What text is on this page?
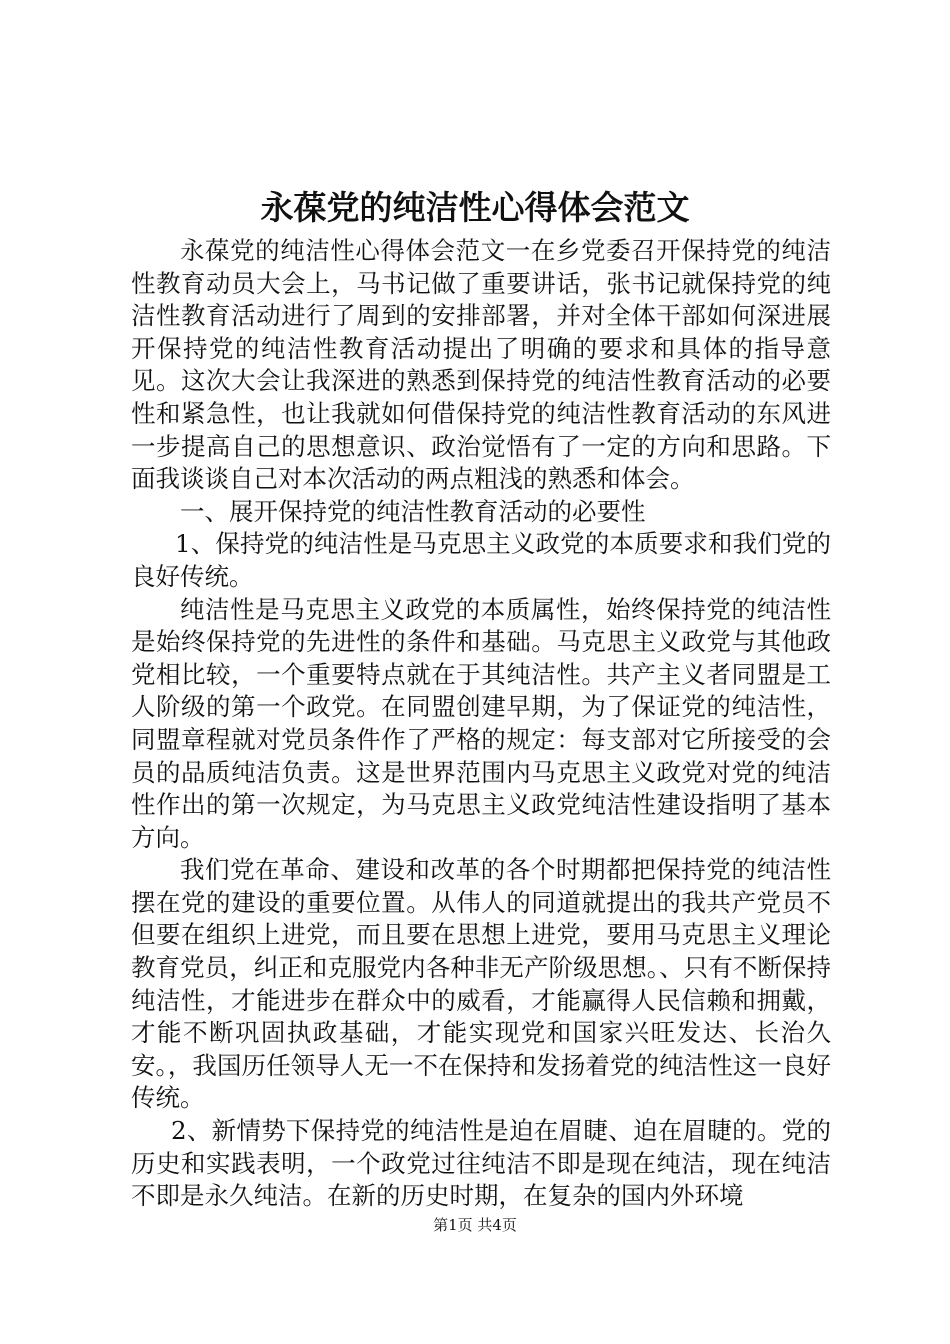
永葆党的纯洁性心得体会范文

永葆党的纯洁性心得体会范文一在乡党委召开保持党的纯洁性教育动员大会上，马书记做了重要讲话，张书记就保持党的纯洁性教育活动进行了周到的安排部署，并对全体干部如何深进展开保持党的纯洁性教育活动提出了明确的要求和具体的指导意见。这次大会让我深进的熟悉到保持党的纯洁性教育活动的必要性和紧急性，也让我就如何借保持党的纯洁性教育活动的东风进一步提高自己的思想意识、政治觉悟有了一定的方向和思路。下面我谈谈自己对本次活动的两点粗浅的熟悉和体会。

一、展开保持党的纯洁性教育活动的必要性

1、保持党的纯洁性是马克思主义政党的本质要求和我们党的良好传统。

纯洁性是马克思主义政党的本质属性，始终保持党的纯洁性是始终保持党的先进性的条件和基础。马克思主义政党与其他政党相比较，一个重要特点就在于其纯洁性。共产主义者同盟是工人阶级的第一个政党。在同盟创建早期，为了保证党的纯洁性，同盟章程就对党员条件作了严格的规定：每支部对它所接受的会员的品质纯洁负责。这是世界范围内马克思主义政党对党的纯洁性作出的第一次规定，为马克思主义政党纯洁性建设指明了基本方向。

我们党在革命、建设和改革的各个时期都把保持党的纯洁性摆在党的建设的重要位置。从伟人的同道就提出的我共产党员不但要在组织上进党，而且要在思想上进党，要用马克思主义理论教育党员，纠正和克服党内各种非无产阶级思想。、只有不断保持纯洁性，才能进步在群众中的威看，才能赢得人民信赖和拥戴，才能不断巩固执政基础，才能实现党和国家兴旺发达、长治久安。，我国历任领导人无一不在保持和发扬着党的纯洁性这一良好传统。

2、新情势下保持党的纯洁性是迫在眉睫、迫在眉睫的。党的历史和实践表明，一个政党过往纯洁不即是现在纯洁，现在纯洁不即是永久纯洁。在新的历史时期，在复杂的国内外环境

第1页 共4页
